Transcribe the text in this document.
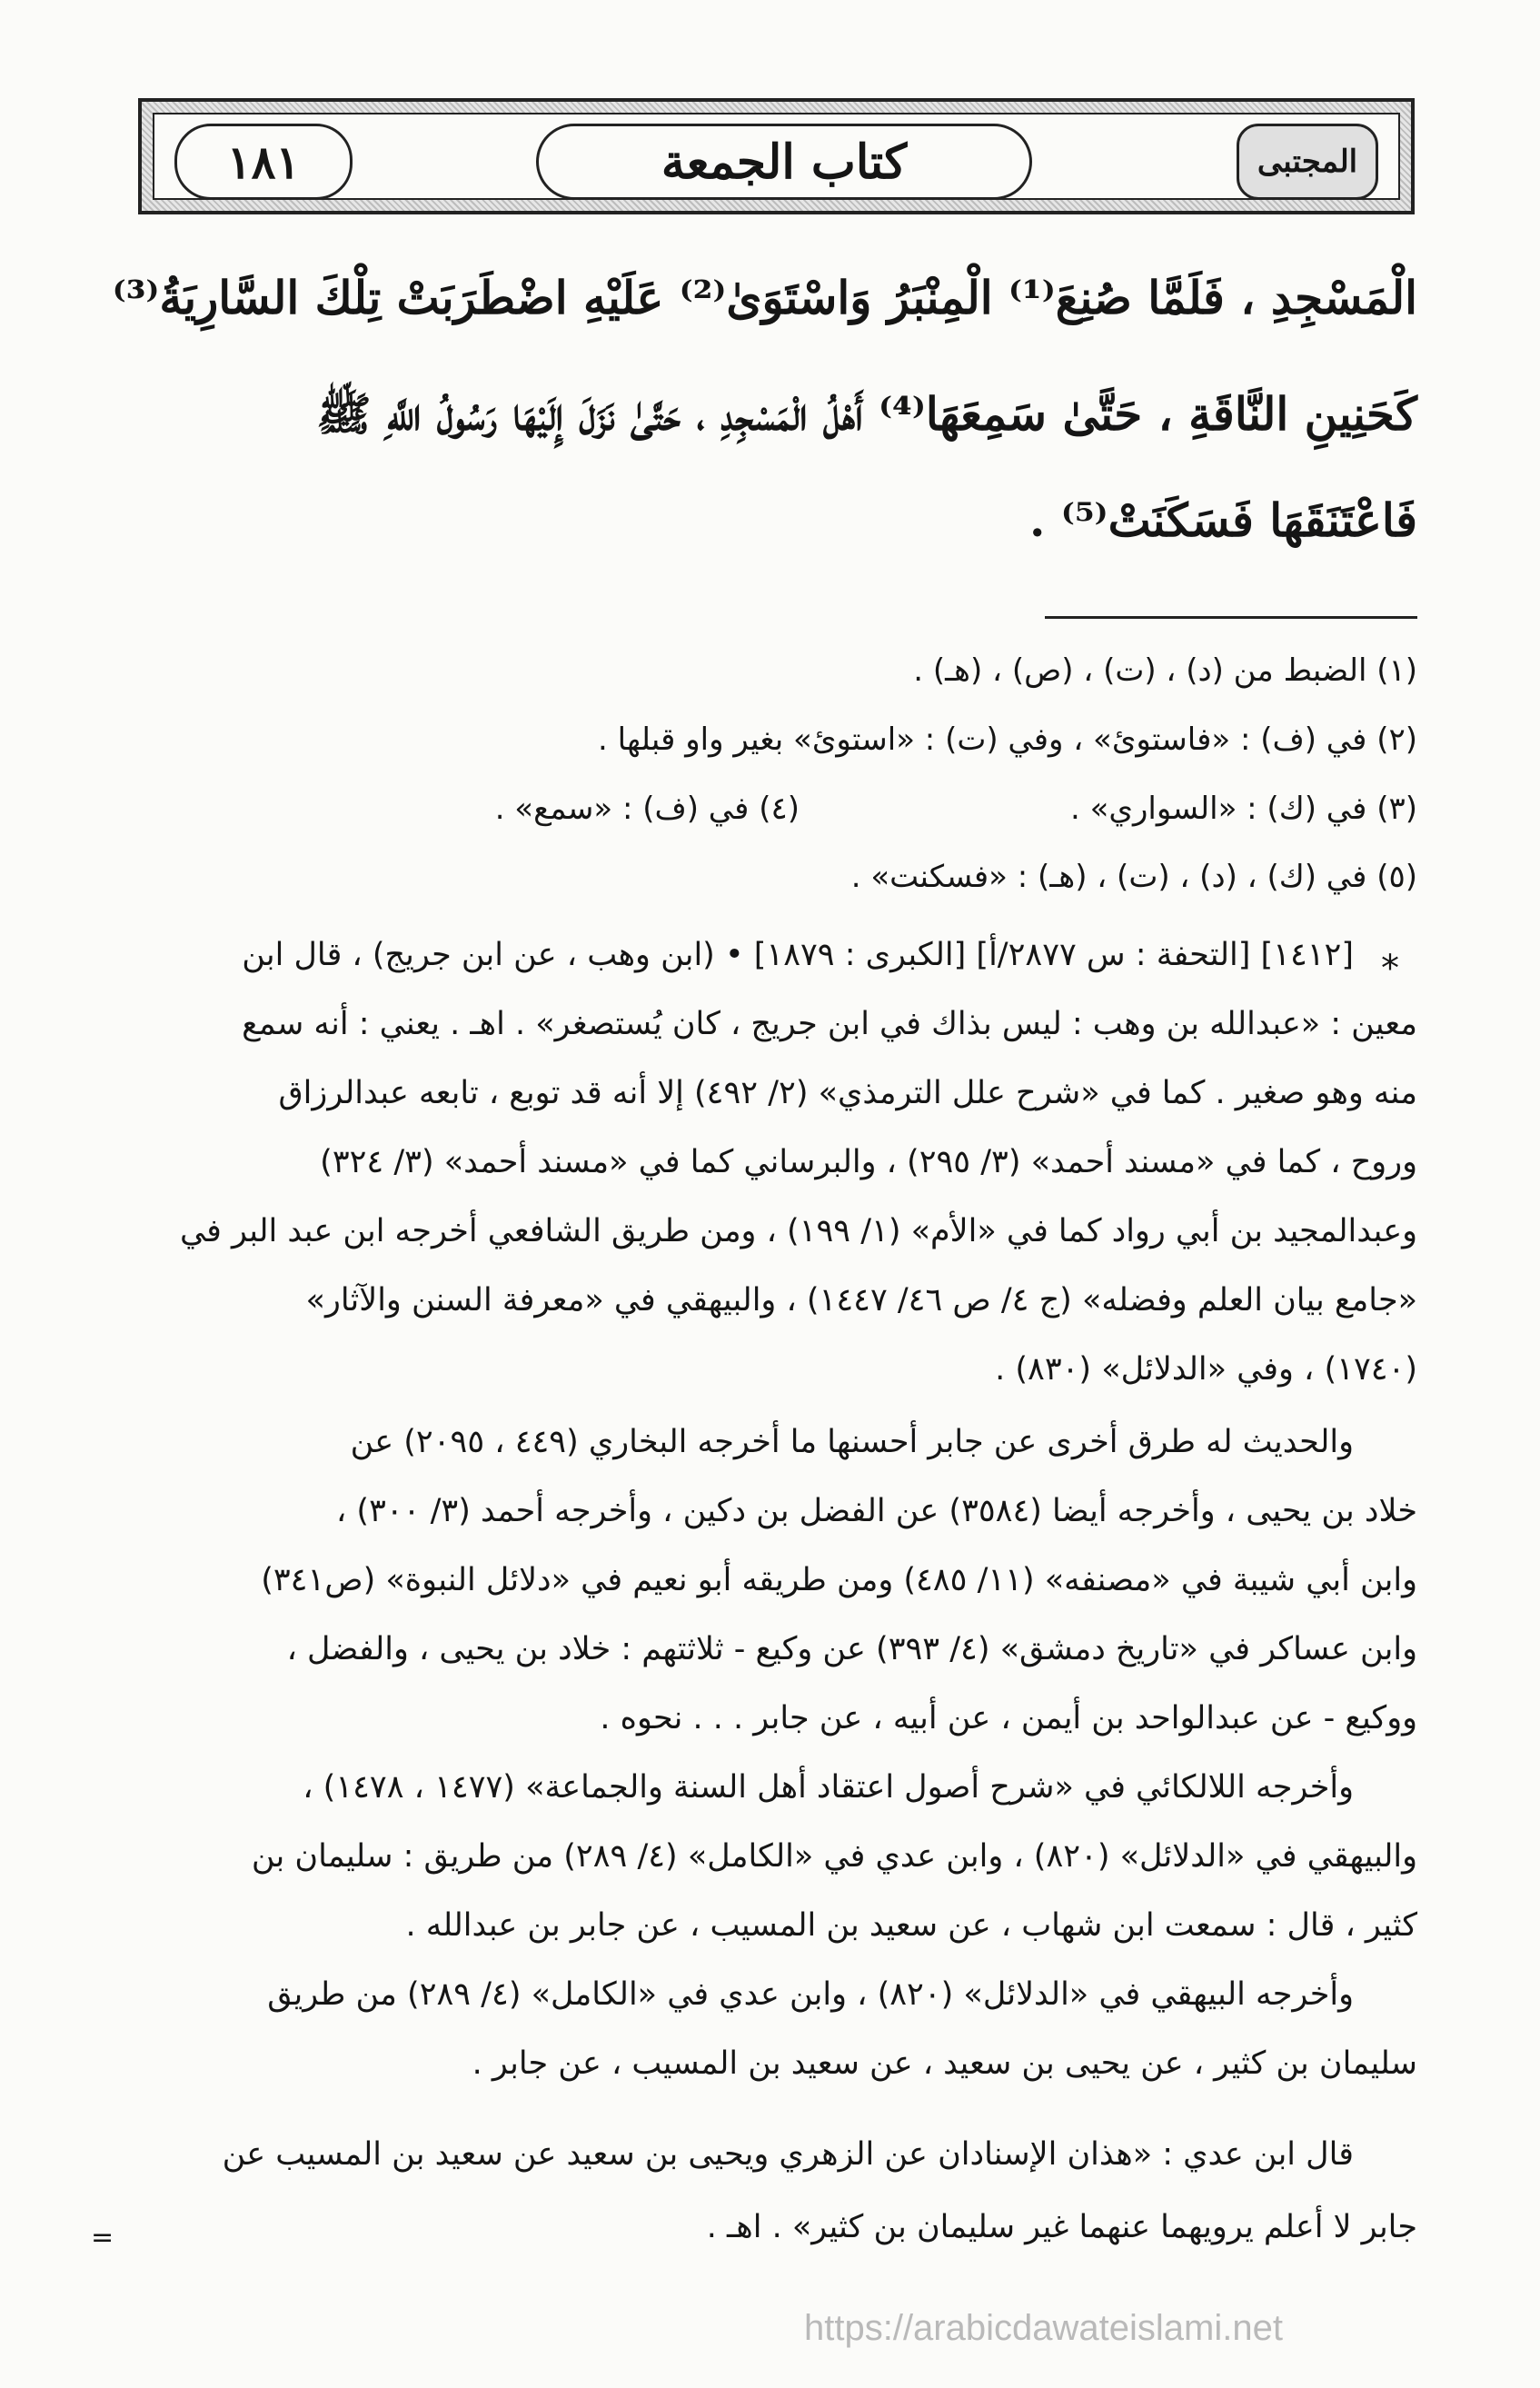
١٨١	كتاب الجمعة	المجتبى
الْمَسْجِدِ ، فَلَمَّا صُنِعَ⁽¹⁾ الْمِنْبَرُ وَاسْتَوَىٰ⁽²⁾ عَلَيْهِ اضْطَرَبَتْ تِلْكَ السَّارِيَةُ⁽³⁾
كَحَنِينِ النَّاقَةِ ، حَتَّىٰ سَمِعَهَا⁽⁴⁾ أَهْلُ الْمَسْجِدِ ، حَتَّىٰ نَزَلَ إِلَيْهَا رَسُولُ اللَّهِ ﷺ
فَاعْتَنَقَهَا فَسَكَنَتْ⁽⁵⁾ .
(١) الضبط من (د) ، (ت) ، (ص) ، (هـ) .
(٢) في (ف) : «فاستوئ» ، وفي (ت) : «استوئ» بغير واو قبلها .
(٣) في (ك) : «السواري» .
(٤) في (ف) : «سمع» .
(٥) في (ك) ، (د) ، (ت) ، (هـ) : «فسكنت» .
*
[١٤١٢] [التحفة : س ٢٨٧٧/أ] [الكبرى : ١٨٧٩] • (ابن وهب ، عن ابن جريج) ، قال ابن
معين : «عبدالله بن وهب : ليس بذاك في ابن جريج ، كان يُستصغر» . اهـ . يعني : أنه سمع
منه وهو صغير . كما في «شرح علل الترمذي» (٢/ ٤٩٢) إلا أنه قد توبع ، تابعه عبدالرزاق
وروح ، كما في «مسند أحمد» (٣/ ٢٩٥) ، والبرساني كما في «مسند أحمد» (٣/ ٣٢٤)
وعبدالمجيد بن أبي رواد كما في «الأم» (١/ ١٩٩) ، ومن طريق الشافعي أخرجه ابن عبد البر في
«جامع بيان العلم وفضله» (ج ٤/ ص ٤٦/ ١٤٤٧) ، والبيهقي في «معرفة السنن والآثار»
(١٧٤٠) ، وفي «الدلائل» (٨٣٠) .
والحديث له طرق أخرى عن جابر أحسنها ما أخرجه البخاري (٤٤٩ ، ٢٠٩٥) عن
خلاد بن يحيى ، وأخرجه أيضا (٣٥٨٤) عن الفضل بن دكين ، وأخرجه أحمد (٣/ ٣٠٠) ،
وابن أبي شيبة في «مصنفه» (١١/ ٤٨٥) ومن طريقه أبو نعيم في «دلائل النبوة» (ص٣٤١)
وابن عساكر في «تاريخ دمشق» (٤/ ٣٩٣) عن وكيع - ثلاثتهم : خلاد بن يحيى ، والفضل ،
ووكيع - عن عبدالواحد بن أيمن ، عن أبيه ، عن جابر . . . نحوه .
وأخرجه اللالكائي في «شرح أصول اعتقاد أهل السنة والجماعة» (١٤٧٧ ، ١٤٧٨) ،
والبيهقي في «الدلائل» (٨٢٠) ، وابن عدي في «الكامل» (٤/ ٢٨٩) من طريق : سليمان بن
كثير ، قال : سمعت ابن شهاب ، عن سعيد بن المسيب ، عن جابر بن عبدالله .
وأخرجه البيهقي في «الدلائل» (٨٢٠) ، وابن عدي في «الكامل» (٤/ ٢٨٩) من طريق
سليمان بن كثير ، عن يحيى بن سعيد ، عن سعيد بن المسيب ، عن جابر .
قال ابن عدي : «هذان الإسنادان عن الزهري ويحيى بن سعيد عن سعيد بن المسيب عن
جابر لا أعلم يرويهما عنهما غير سليمان بن كثير» . اهـ .
=
https://arabicdawateislami.net
